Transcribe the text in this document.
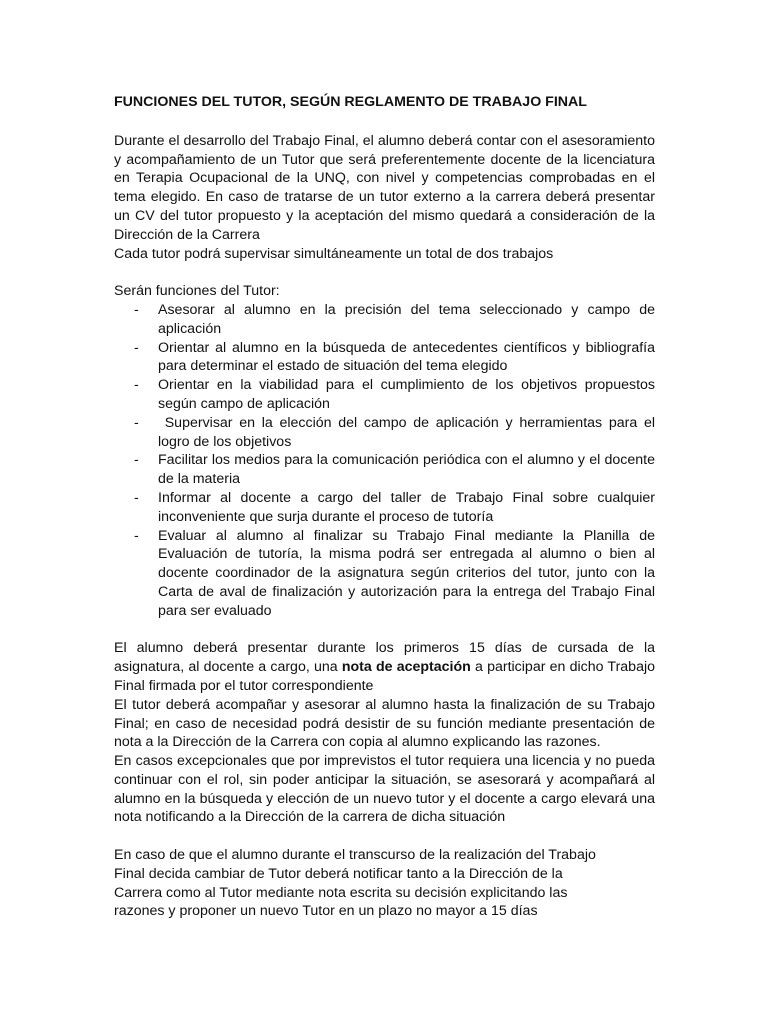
FUNCIONES DEL TUTOR, SEGÚN REGLAMENTO DE TRABAJO FINAL

Durante el desarrollo del Trabajo Final, el alumno deberá contar con el asesoramiento y acompañamiento de un Tutor que será preferentemente docente de la licenciatura en Terapia Ocupacional de la UNQ, con nivel y competencias comprobadas en el tema elegido. En caso de tratarse de un tutor externo a la carrera deberá presentar un CV del tutor propuesto y la aceptación del mismo quedará a consideración de la Dirección de la Carrera

Cada tutor podrá supervisar simultáneamente un total de dos trabajos

Serán funciones del Tutor:

- Asesorar al alumno en la precisión del tema seleccionado y campo de aplicación
- Orientar al alumno en la búsqueda de antecedentes científicos y bibliografía para determinar el estado de situación del tema elegido
- Orientar en la viabilidad para el cumplimiento de los objetivos propuestos según campo de aplicación
- Supervisar en la elección del campo de aplicación y herramientas para el logro de los objetivos
- Facilitar los medios para la comunicación periódica con el alumno y el docente de la materia
- Informar al docente a cargo del taller de Trabajo Final sobre cualquier inconveniente que surja durante el proceso de tutoría
- Evaluar al alumno al finalizar su Trabajo Final mediante la Planilla de Evaluación de tutoría, la misma podrá ser entregada al alumno o bien al docente coordinador de la asignatura según criterios del tutor, junto con la Carta de aval de finalización y autorización para la entrega del Trabajo Final para ser evaluado

El alumno deberá presentar durante los primeros 15 días de cursada de la asignatura, al docente a cargo, una nota de aceptación a participar en dicho Trabajo Final firmada por el tutor correspondiente

El tutor deberá acompañar y asesorar al alumno hasta la finalización de su Trabajo Final; en caso de necesidad podrá desistir de su función mediante presentación de nota a la Dirección de la Carrera con copia al alumno explicando las razones.

En casos excepcionales que por imprevistos el tutor requiera una licencia y no pueda continuar con el rol, sin poder anticipar la situación, se asesorará y acompañará al alumno en la búsqueda y elección de un nuevo tutor y el docente a cargo elevará una nota notificando a la Dirección de la carrera de dicha situación

En caso de que el alumno durante el transcurso de la realización del Trabajo Final decida cambiar de Tutor deberá notificar tanto a la Dirección de la Carrera como al Tutor mediante nota escrita su decisión explicitando las razones y proponer un nuevo Tutor en un plazo no mayor a 15 días
